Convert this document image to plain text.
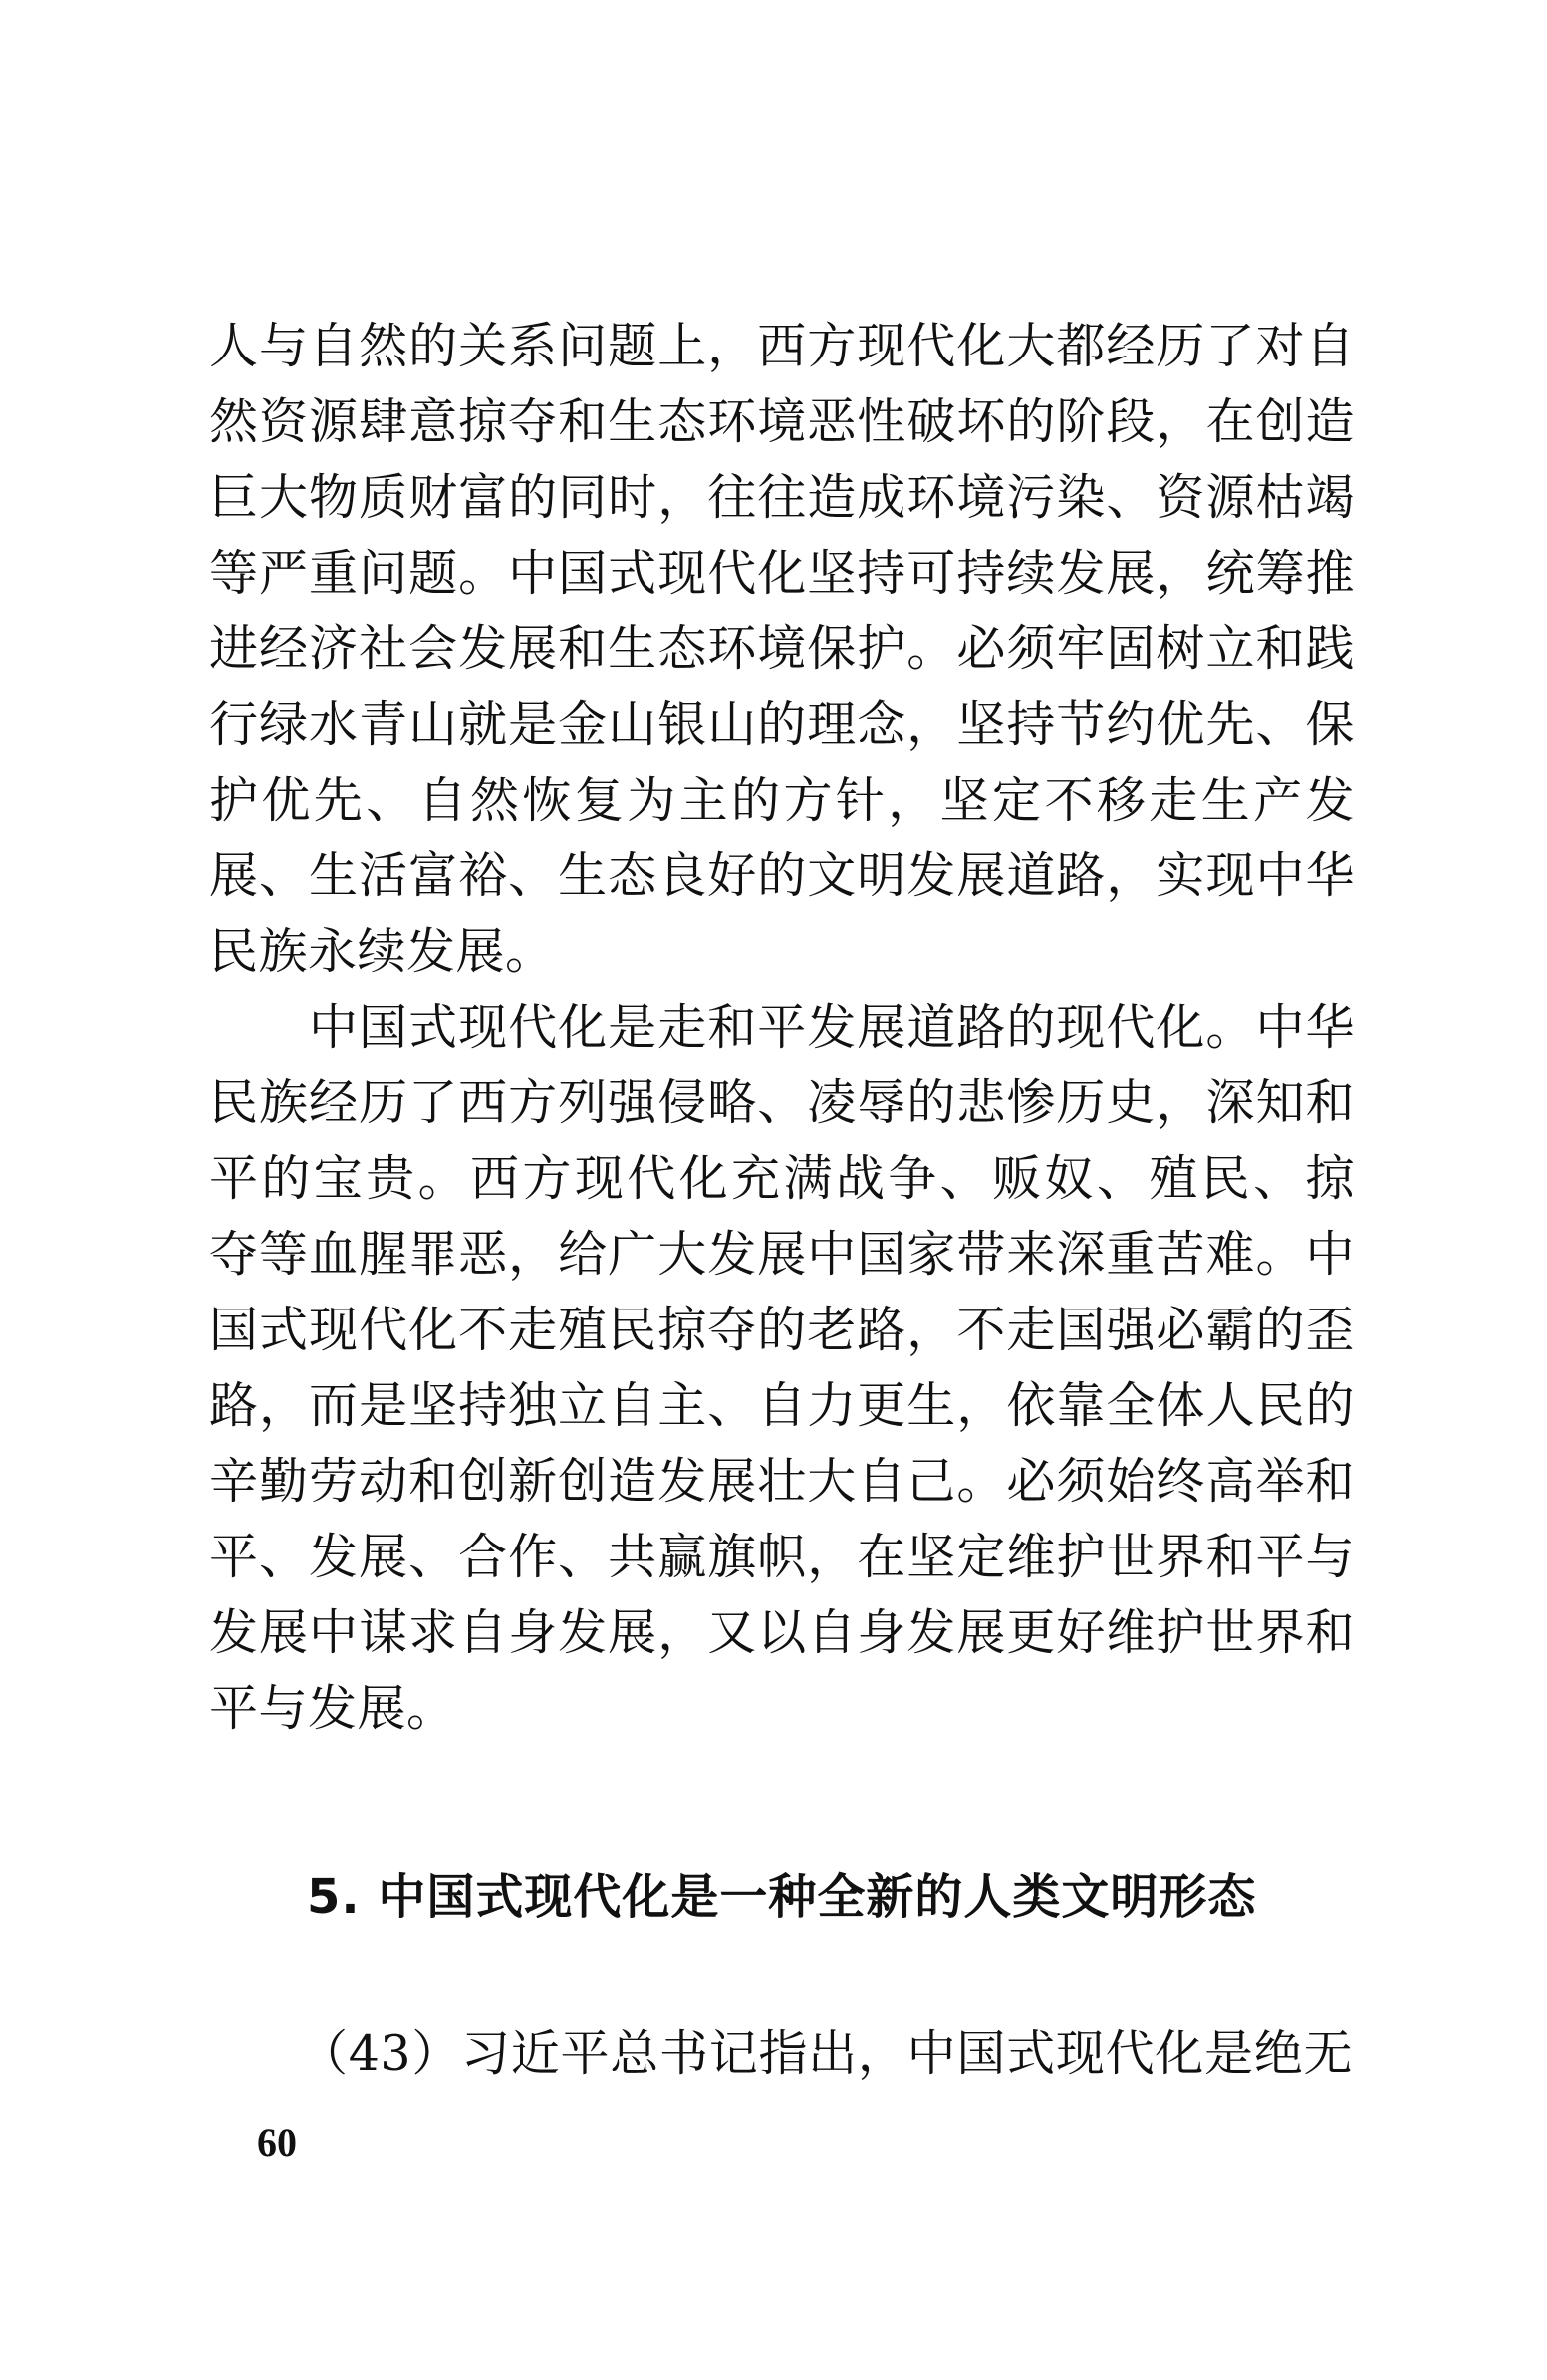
人与自然的关系问题上，西方现代化大都经历了对自
然资源肆意掠夺和生态环境恶性破坏的阶段，在创造
巨大物质财富的同时，往往造成环境污染、资源枯竭
等严重问题。中国式现代化坚持可持续发展，统筹推
进经济社会发展和生态环境保护。必须牢固树立和践
行绿水青山就是金山银山的理念，坚持节约优先、保
护优先、自然恢复为主的方针，坚定不移走生产发
展、生活富裕、生态良好的文明发展道路，实现中华
民族永续发展。
中国式现代化是走和平发展道路的现代化。中华
民族经历了西方列强侵略、凌辱的悲惨历史，深知和
平的宝贵。西方现代化充满战争、贩奴、殖民、掠
夺等血腥罪恶，给广大发展中国家带来深重苦难。中
国式现代化不走殖民掠夺的老路，不走国强必霸的歪
路，而是坚持独立自主、自力更生，依靠全体人民的
辛勤劳动和创新创造发展壮大自己。必须始终高举和
平、发展、合作、共赢旗帜，在坚定维护世界和平与
发展中谋求自身发展，又以自身发展更好维护世界和
平与发展。
5. 中国式现代化是一种全新的人类文明形态
（43）习近平总书记指出，中国式现代化是绝无
60
